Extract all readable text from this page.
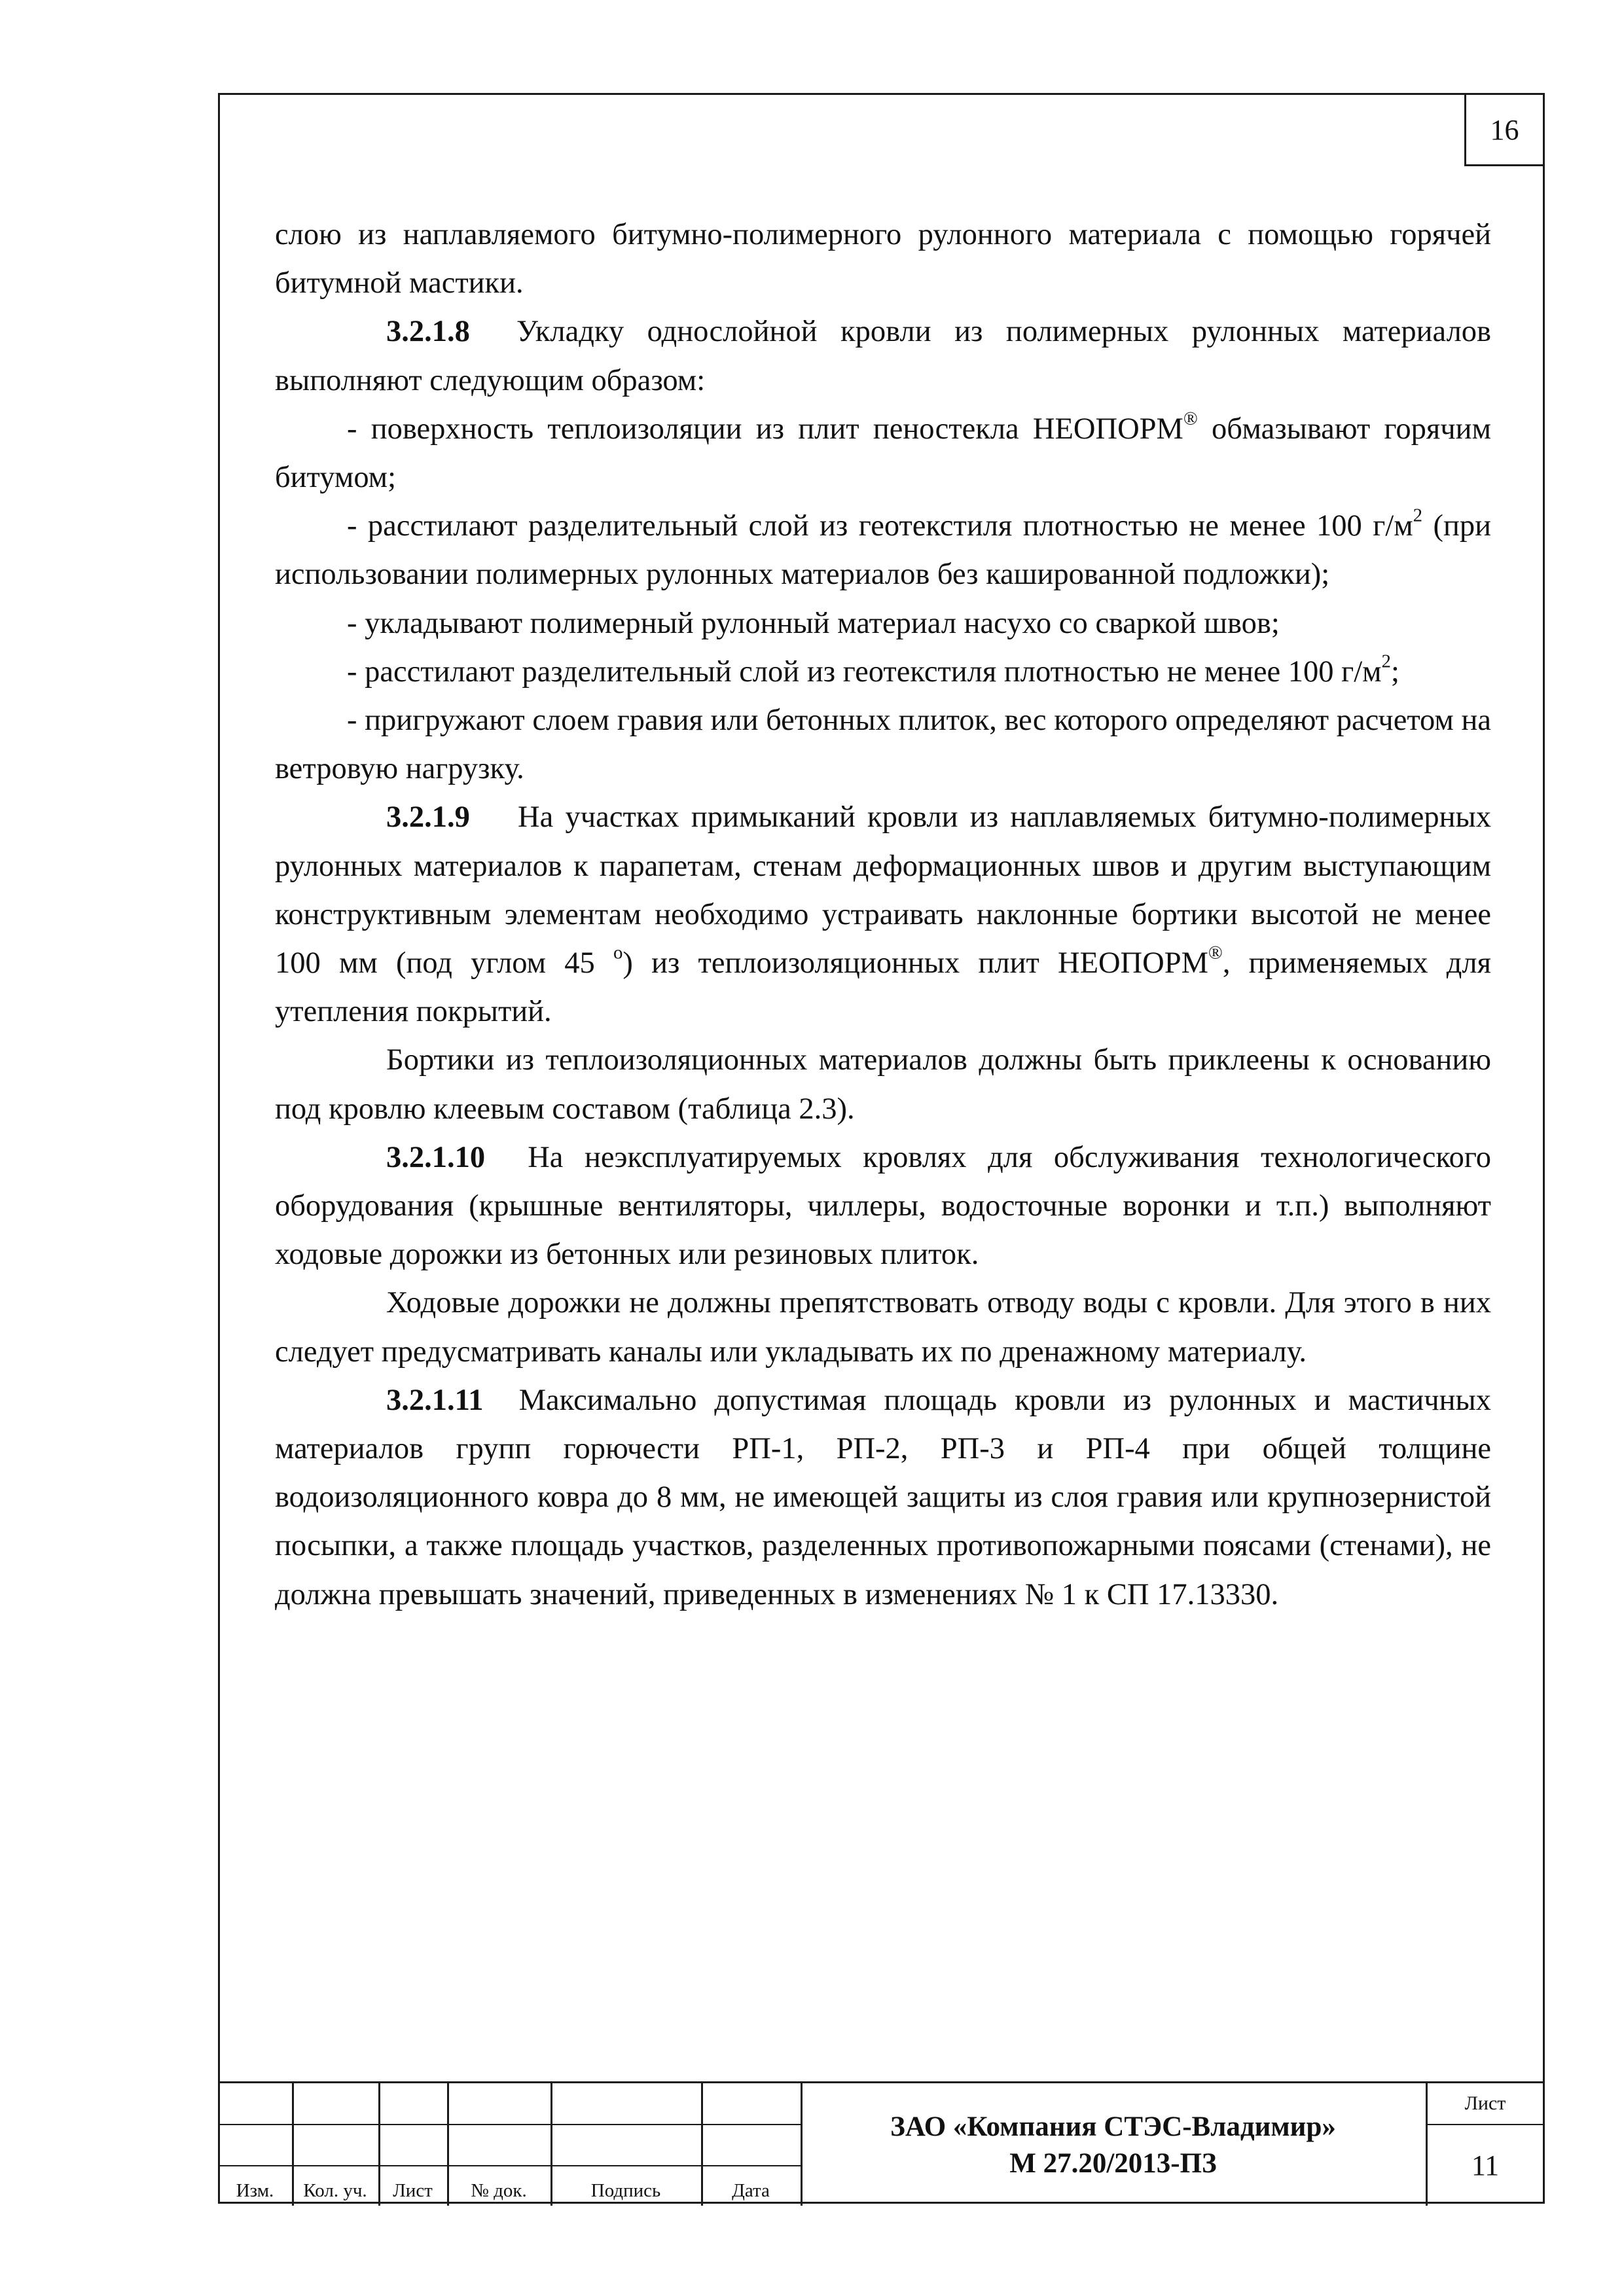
16

слою из наплавляемого битумно-полимерного рулонного материала с помощью горячей битумной мастики.

3.2.1.8 Укладку однослойной кровли из полимерных рулонных материалов выполняют следующим образом:

- поверхность теплоизоляции из плит пеностекла НЕОПОРМ® обмазывают горячим битумом;

- расстилают разделительный слой из геотекстиля плотностью не менее 100 $г/м^2$ (при использовании полимерных рулонных материалов без кашированной подложки);

- укладывают полимерный рулонный материал насухо со сваркой швов;

- расстилают разделительный слой из геотекстиля плотностью не менее 100 $г/м^2$;

- пригружают слоем гравия или бетонных плиток, вес которого определяют расчетом на ветровую нагрузку.

3.2.1.9 На участках примыканий кровли из наплавляемых битумно-полимерных рулонных материалов к парапетам, стенам деформационных швов и другим выступающим конструктивным элементам необходимо устраивать наклонные бортики высотой не менее 100 мм (под углом 45 $^о$) из теплоизоляционных плит НЕОПОРМ®, применяемых для утепления покрытий.

Бортики из теплоизоляционных материалов должны быть приклеены к основанию под кровлю клеевым составом (таблица 2.3).

3.2.1.10 На неэксплуатируемых кровлях для обслуживания технологического оборудования (крышные вентиляторы, чиллеры, водосточные воронки и т.п.) выполняют ходовые дорожки из бетонных или резиновых плиток.

Ходовые дорожки не должны препятствовать отводу воды с кровли. Для этого в них следует предусматривать каналы или укладывать их по дренажному материалу.

3.2.1.11 Максимально допустимая площадь кровли из рулонных и мастичных материалов групп горючести РП-1, РП-2, РП-3 и РП-4 при общей толщине водоизоляционного ковра до 8 мм, не имеющей защиты из слоя гравия или крупнозернистой посыпки, а также площадь участков, разделенных противопожарными поясами (стенами), не должна превышать значений, приведенных в изменениях № 1 к СП 17.13330.

Изм.	Кол. уч.	Лист	№ док.	Подпись	Дата
ЗАО «Компания СТЭС-Владимир»
М 27.20/2013-ПЗ
Лист
11
